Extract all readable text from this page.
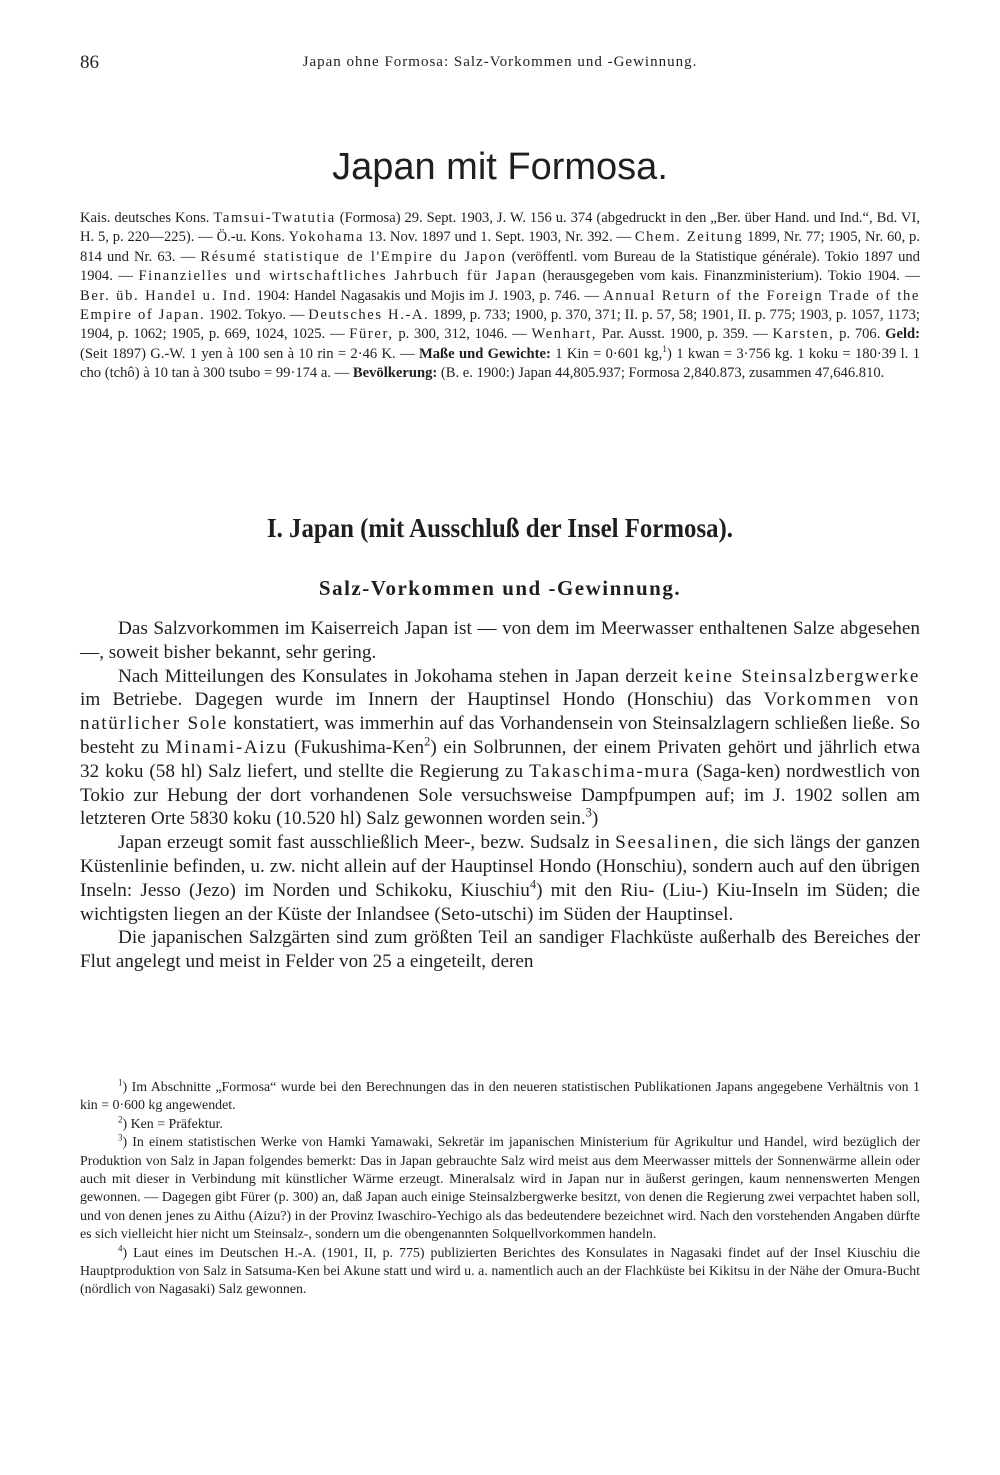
86	Japan ohne Formosa: Salz-Vorkommen und -Gewinnung.
Japan mit Formosa.

Kais. deutsches Kons. Tamsui-Twatutia (Formosa) 29. Sept. 1903, J. W. 156 u. 374 (abgedruckt in den „Ber. über Hand. und Ind.“, Bd. VI, H. 5, p. 220—225). — Ö.-u. Kons. Yokohama 13. Nov. 1897 und 1. Sept. 1903, Nr. 392. — Chem. Zeitung 1899, Nr. 77; 1905, Nr. 60, p. 814 und Nr. 63. — Résumé statistique de l'Empire du Japon (veröffentl. vom Bureau de la Statistique générale). Tokio 1897 und 1904. — Finanzielles und wirtschaftliches Jahrbuch für Japan (herausgegeben vom kais. Finanzministerium). Tokio 1904. — Ber. üb. Handel u. Ind. 1904: Handel Nagasakis und Mojis im J. 1903, p. 746. — Annual Return of the Foreign Trade of the Empire of Japan. 1902. Tokyo. — Deutsches H.-A. 1899, p. 733; 1900, p. 370, 371; II. p. 57, 58; 1901, II. p. 775; 1903, p. 1057, 1173; 1904, p. 1062; 1905, p. 669, 1024, 1025. — Fürer, p. 300, 312, 1046. — Wenhart, Par. Ausst. 1900, p. 359. — Karsten, p. 706. Geld: (Seit 1897) G.-W. 1 yen à 100 sen à 10 rin = 2·46 K. — Maße und Gewichte: 1 Kin = 0·601 kg,$^1$) 1 kwan = 3·756 kg. 1 koku = 180·39 l. 1 cho (tchô) à 10 tan à 300 tsubo = 99·174 a. — Bevölkerung: (B. e. 1900:) Japan 44,805.937; Formosa 2,840.873, zusammen 47,646.810.

I. Japan (mit Ausschluß der Insel Formosa).
Salz-Vorkommen und -Gewinnung.

Das Salzvorkommen im Kaiserreich Japan ist — von dem im Meerwasser enthaltenen Salze abgesehen —, soweit bisher bekannt, sehr gering.

Nach Mitteilungen des Konsulates in Jokohama stehen in Japan derzeit keine Steinsalzbergwerke im Betriebe. Dagegen wurde im Innern der Hauptinsel Hondo (Honschiu) das Vorkommen von natürlicher Sole konstatiert, was immerhin auf das Vorhandensein von Steinsalzlagern schließen ließe. So besteht zu Minami-Aizu (Fukushima-Ken$^2$) ein Solbrunnen, der einem Privaten gehört und jährlich etwa 32 koku (58 hl) Salz liefert, und stellte die Regierung zu Takaschima-mura (Saga-ken) nordwestlich von Tokio zur Hebung der dort vorhandenen Sole versuchsweise Dampfpumpen auf; im J. 1902 sollen am letzteren Orte 5830 koku (10.520 hl) Salz gewonnen worden sein.$^3$)

Japan erzeugt somit fast ausschließlich Meer-, bezw. Sudsalz in Seesalinen, die sich längs der ganzen Küstenlinie befinden, u. zw. nicht allein auf der Hauptinsel Hondo (Honschiu), sondern auch auf den übrigen Inseln: Jesso (Jezo) im Norden und Schikoku, Kiuschiu$^4$) mit den Riu- (Liu-) Kiu-Inseln im Süden; die wichtigsten liegen an der Küste der Inlandsee (Seto-utschi) im Süden der Hauptinsel.

Die japanischen Salzgärten sind zum größten Teil an sandiger Flachküste außerhalb des Bereiches der Flut angelegt und meist in Felder von 25 a eingeteilt, deren

$^1$) Im Abschnitte „Formosa“ wurde bei den Berechnungen das in den neueren statistischen Publikationen Japans angegebene Verhältnis von 1 kin = 0·600 kg angewendet.

$^2$) Ken = Präfektur.

$^3$) In einem statistischen Werke von Hamki Yamawaki, Sekretär im japanischen Ministerium für Agrikultur und Handel, wird bezüglich der Produktion von Salz in Japan folgendes bemerkt: Das in Japan gebrauchte Salz wird meist aus dem Meerwasser mittels der Sonnenwärme allein oder auch mit dieser in Verbindung mit künstlicher Wärme erzeugt. Mineralsalz wird in Japan nur in äußerst geringen, kaum nennenswerten Mengen gewonnen. — Dagegen gibt Fürer (p. 300) an, daß Japan auch einige Steinsalzbergwerke besitzt, von denen die Regierung zwei verpachtet haben soll, und von denen jenes zu Aithu (Aizu?) in der Provinz Iwaschiro-Yechigo als das bedeutendere bezeichnet wird. Nach den vorstehenden Angaben dürfte es sich vielleicht hier nicht um Steinsalz-, sondern um die obengenannten Solquellvorkommen handeln.

$^4$) Laut eines im Deutschen H.-A. (1901, II, p. 775) publizierten Berichtes des Konsulates in Nagasaki findet auf der Insel Kiuschiu die Hauptproduktion von Salz in Satsuma-Ken bei Akune statt und wird u. a. namentlich auch an der Flachküste bei Kikitsu in der Nähe der Omura-Bucht (nördlich von Nagasaki) Salz gewonnen.
